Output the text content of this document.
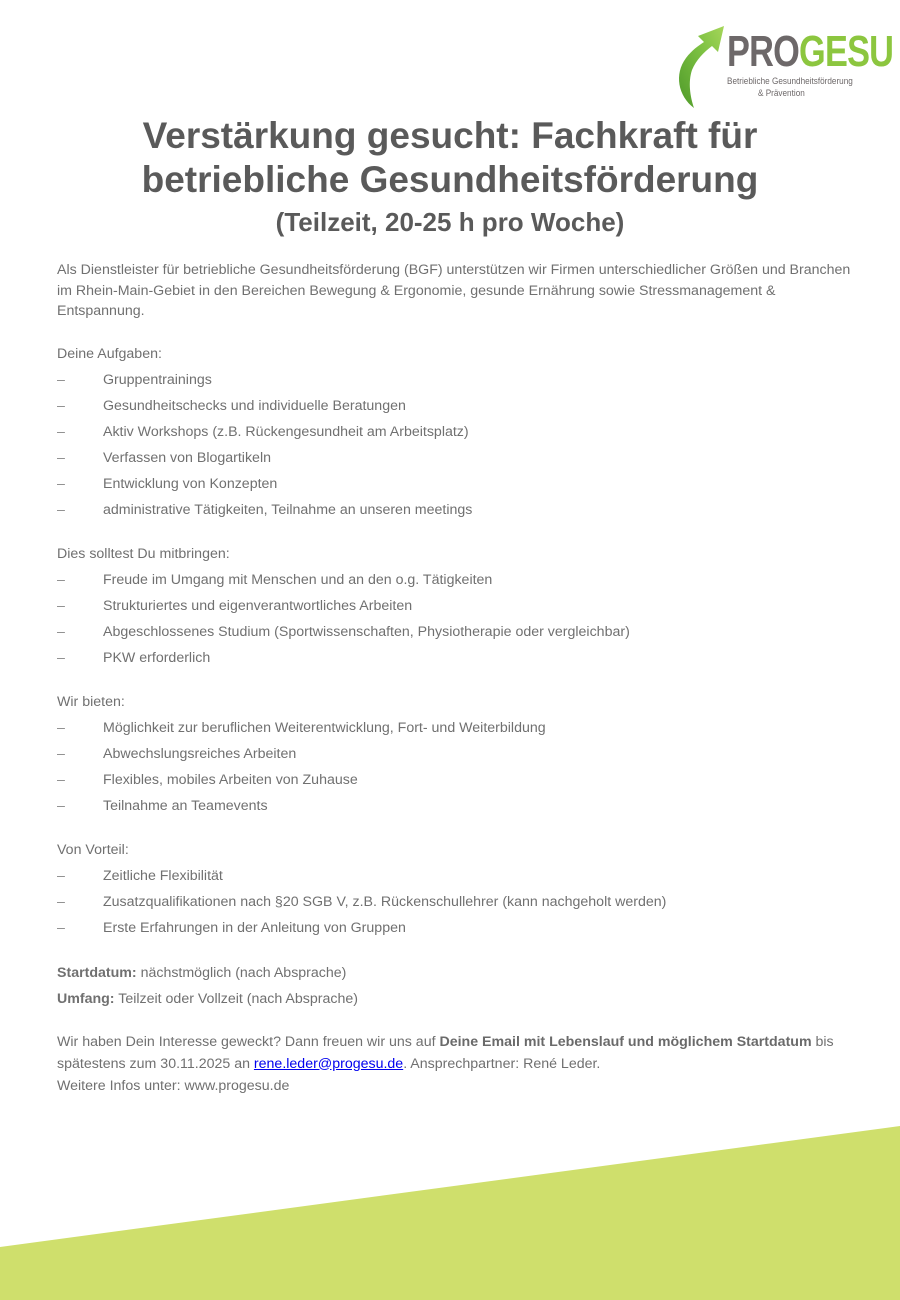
PROGESU
Betriebliche Gesundheitsförderung
& Prävention
Verstärkung gesucht: Fachkraft für
betriebliche Gesundheitsförderung
(Teilzeit, 20-25 h pro Woche)

Als Dienstleister für betriebliche Gesundheitsförderung (BGF) unterstützen wir Firmen unterschiedlicher Größen und Branchen im Rhein-Main-Gebiet in den Bereichen Bewegung & Ergonomie, gesunde Ernährung sowie Stressmanagement & Entspannung.

Deine Aufgaben:

–	Gruppentrainings
–	Gesundheitschecks und individuelle Beratungen
–	Aktiv Workshops (z.B. Rückengesundheit am Arbeitsplatz)
–	Verfassen von Blogartikeln
–	Entwicklung von Konzepten
–	administrative Tätigkeiten, Teilnahme an unseren meetings

Dies solltest Du mitbringen:

–	Freude im Umgang mit Menschen und an den o.g. Tätigkeiten
–	Strukturiertes und eigenverantwortliches Arbeiten
–	Abgeschlossenes Studium (Sportwissenschaften, Physiotherapie oder vergleichbar)
–	PKW erforderlich

Wir bieten:

–	Möglichkeit zur beruflichen Weiterentwicklung, Fort- und Weiterbildung
–	Abwechslungsreiches Arbeiten
–	Flexibles, mobiles Arbeiten von Zuhause
–	Teilnahme an Teamevents

Von Vorteil:

–	Zeitliche Flexibilität
–	Zusatzqualifikationen nach §20 SGB V, z.B. Rückenschullehrer (kann nachgeholt werden)
–	Erste Erfahrungen in der Anleitung von Gruppen

Startdatum: nächstmöglich (nach Absprache)

Umfang: Teilzeit oder Vollzeit (nach Absprache)

Wir haben Dein Interesse geweckt? Dann freuen wir uns auf Deine Email mit Lebenslauf und möglichem Startdatum bis spätestens zum 30.11.2025 an rene.leder@progesu.de. Ansprechpartner: René Leder.
Weitere Infos unter: www.progesu.de
